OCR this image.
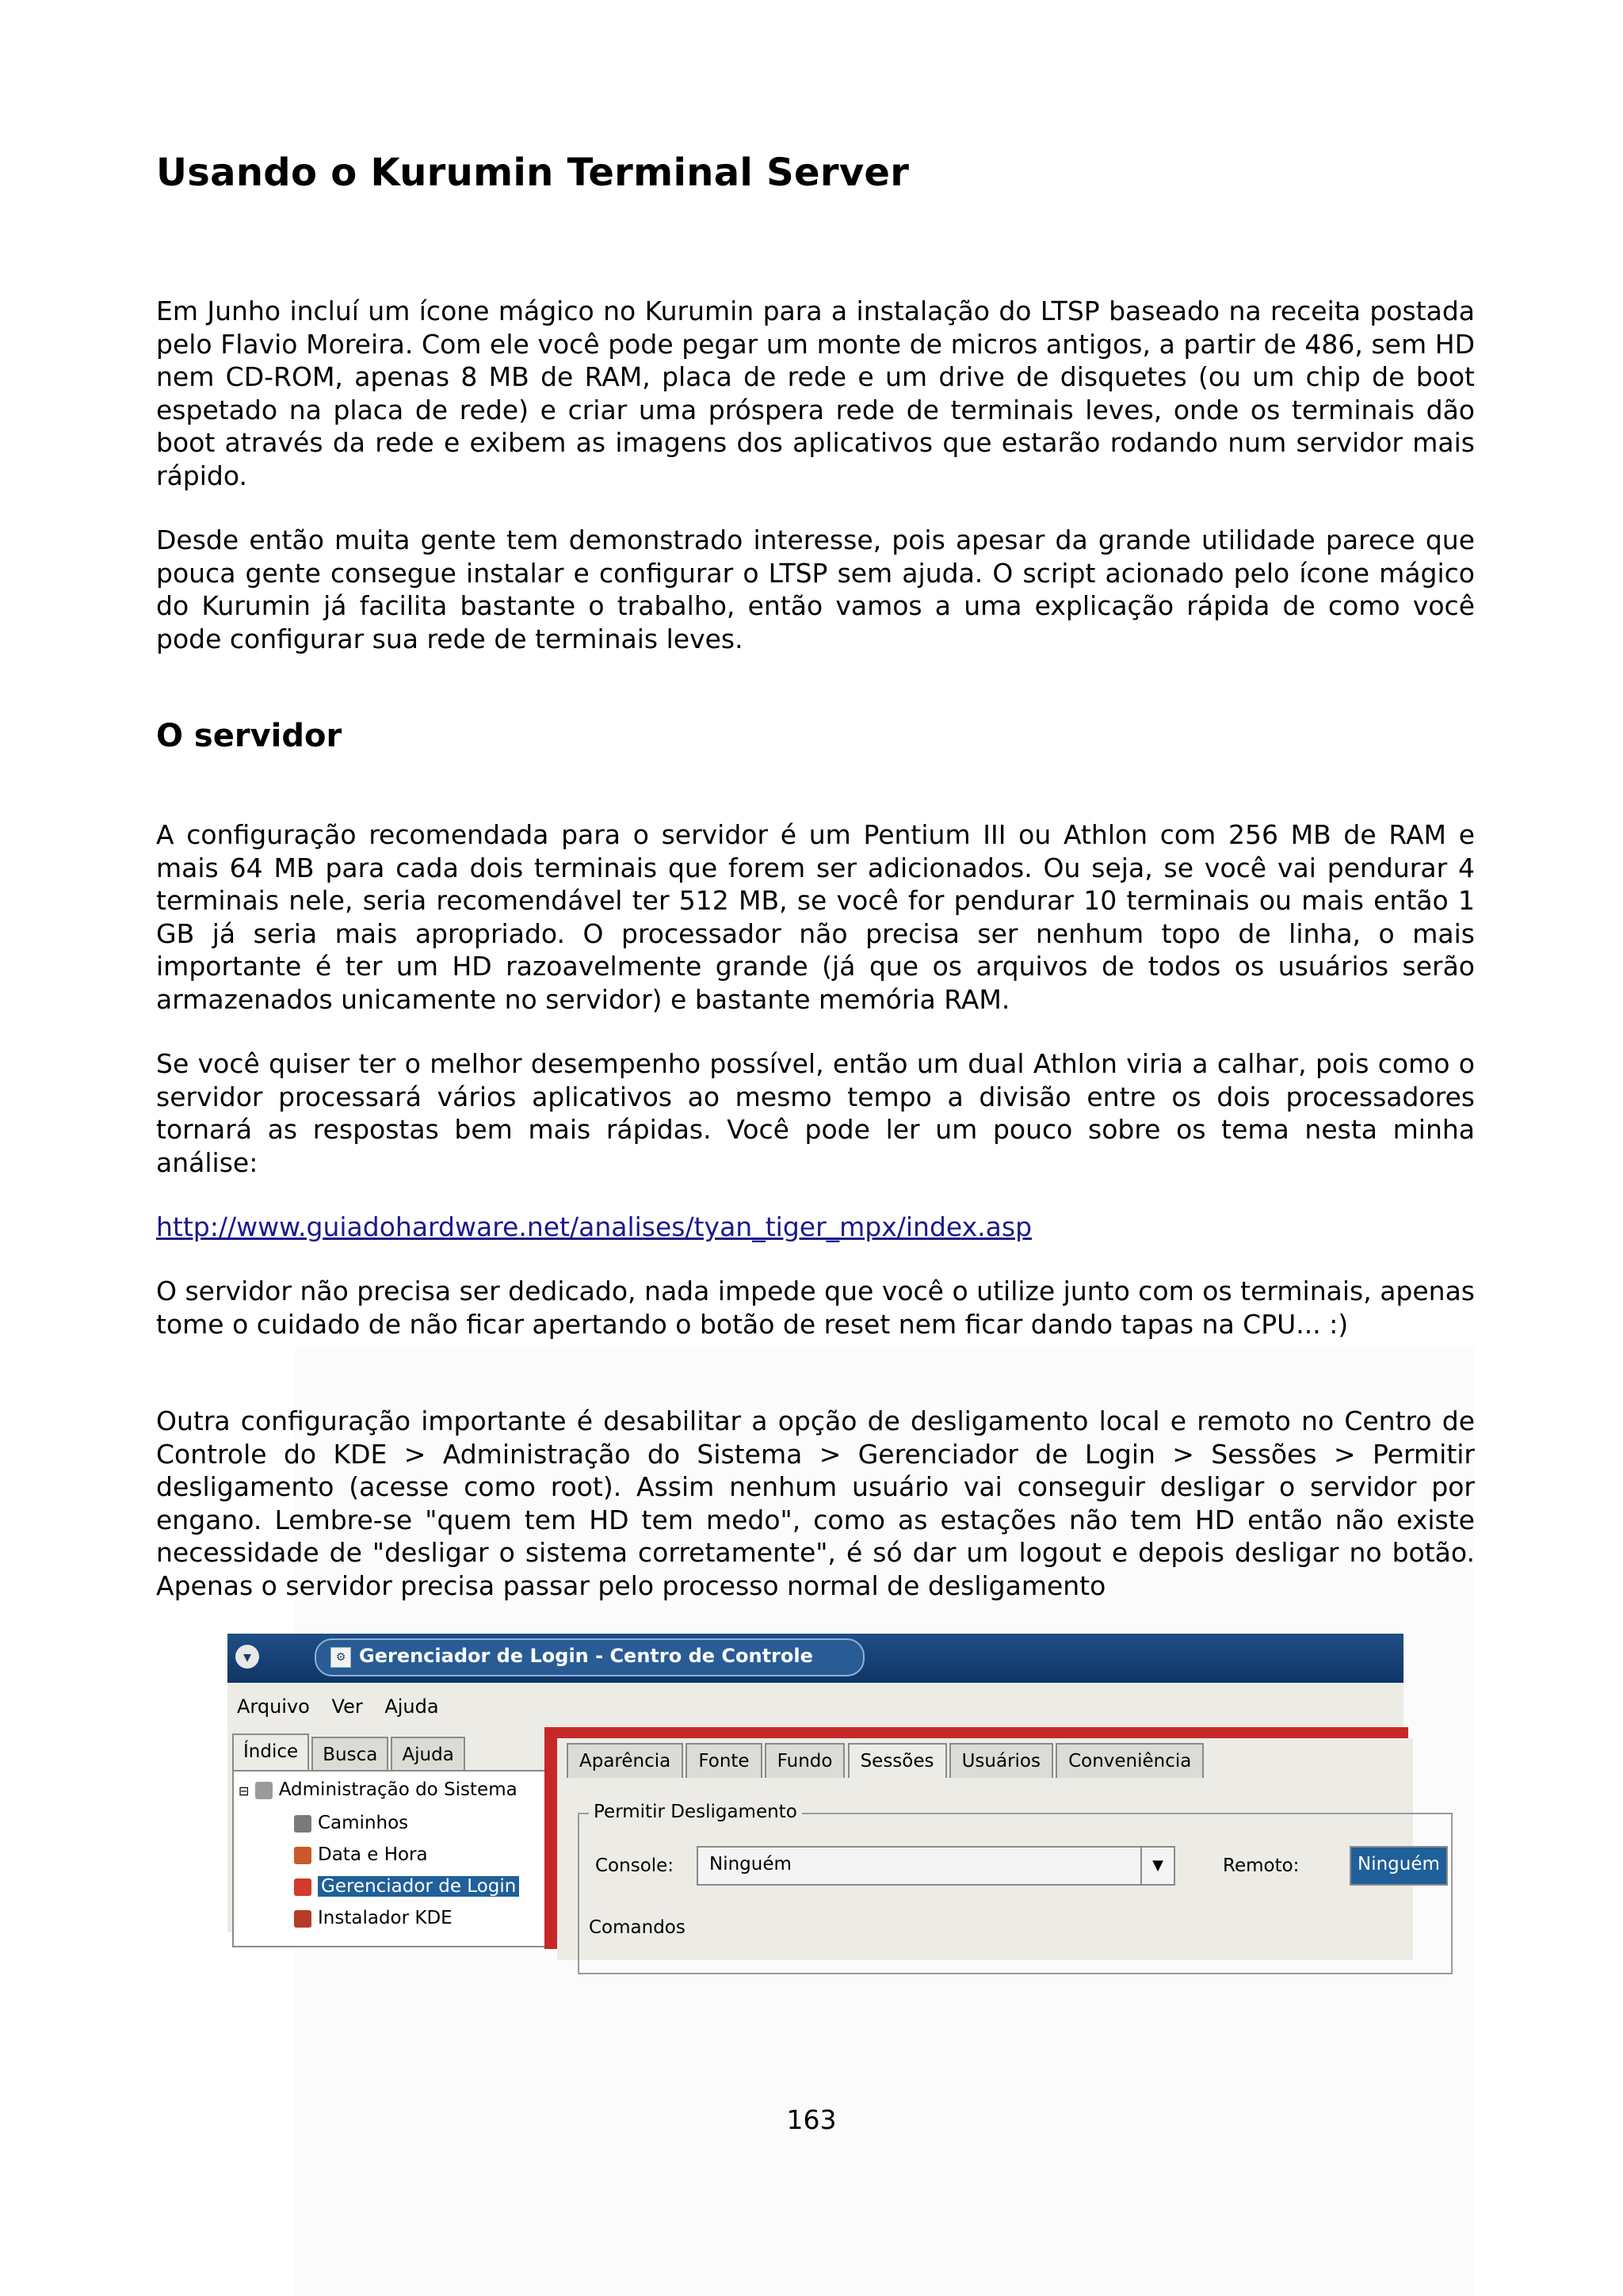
Usando o Kurumin Terminal Server

Em Junho incluí um ícone mágico no Kurumin para a instalação do LTSP baseado na receita postada pelo Flavio Moreira. Com ele você pode pegar um monte de micros antigos, a partir de 486, sem HD nem CD-ROM, apenas 8 MB de RAM, placa de rede e um drive de disquetes (ou um chip de boot espetado na placa de rede) e criar uma próspera rede de terminais leves, onde os terminais dão boot através da rede e exibem as imagens dos aplicativos que estarão rodando num servidor mais rápido.

Desde então muita gente tem demonstrado interesse, pois apesar da grande utilidade parece que pouca gente consegue instalar e configurar o LTSP sem ajuda. O script acionado pelo ícone mágico do Kurumin já facilita bastante o trabalho, então vamos a uma explicação rápida de como você pode configurar sua rede de terminais leves.

O servidor

A configuração recomendada para o servidor é um Pentium III ou Athlon com 256 MB de RAM e mais 64 MB para cada dois terminais que forem ser adicionados. Ou seja, se você vai pendurar 4 terminais nele, seria recomendável ter 512 MB, se você for pendurar 10 terminais ou mais então 1 GB já seria mais apropriado. O processador não precisa ser nenhum topo de linha, o mais importante é ter um HD razoavelmente grande (já que os arquivos de todos os usuários serão armazenados unicamente no servidor) e bastante memória RAM.

Se você quiser ter o melhor desempenho possível, então um dual Athlon viria a calhar, pois como o servidor processará vários aplicativos ao mesmo tempo a divisão entre os dois processadores tornará as respostas bem mais rápidas. Você pode ler um pouco sobre os tema nesta minha análise:

http://www.guiadohardware.net/analises/tyan_tiger_mpx/index.asp

O servidor não precisa ser dedicado, nada impede que você o utilize junto com os terminais, apenas tome o cuidado de não ficar apertando o botão de reset nem ficar dando tapas na CPU... :)

Outra configuração importante é desabilitar a opção de desligamento local e remoto no Centro de Controle do KDE > Administração do Sistema > Gerenciador de Login > Sessões > Permitir desligamento (acesse como root). Assim nenhum usuário vai conseguir desligar o servidor por engano. Lembre-se "quem tem HD tem medo", como as estações não tem HD então não existe necessidade de "desligar o sistema corretamente", é só dar um logout e depois desligar no botão. Apenas o servidor precisa passar pelo processo normal de desligamento

▾	⚙ Gerenciador de Login - Centro de Controle
Arquivo Ver Ajuda
Índice Busca Ajuda
⊟ Administração do Sistema
Caminhos
Data e Hora
Gerenciador de Login
Instalador KDE
Aparência Fonte Fundo Sessões Usuários Conveniência
Permitir Desligamento
Console: Ninguém	▼	Remoto:	Ninguém
Comandos
163
